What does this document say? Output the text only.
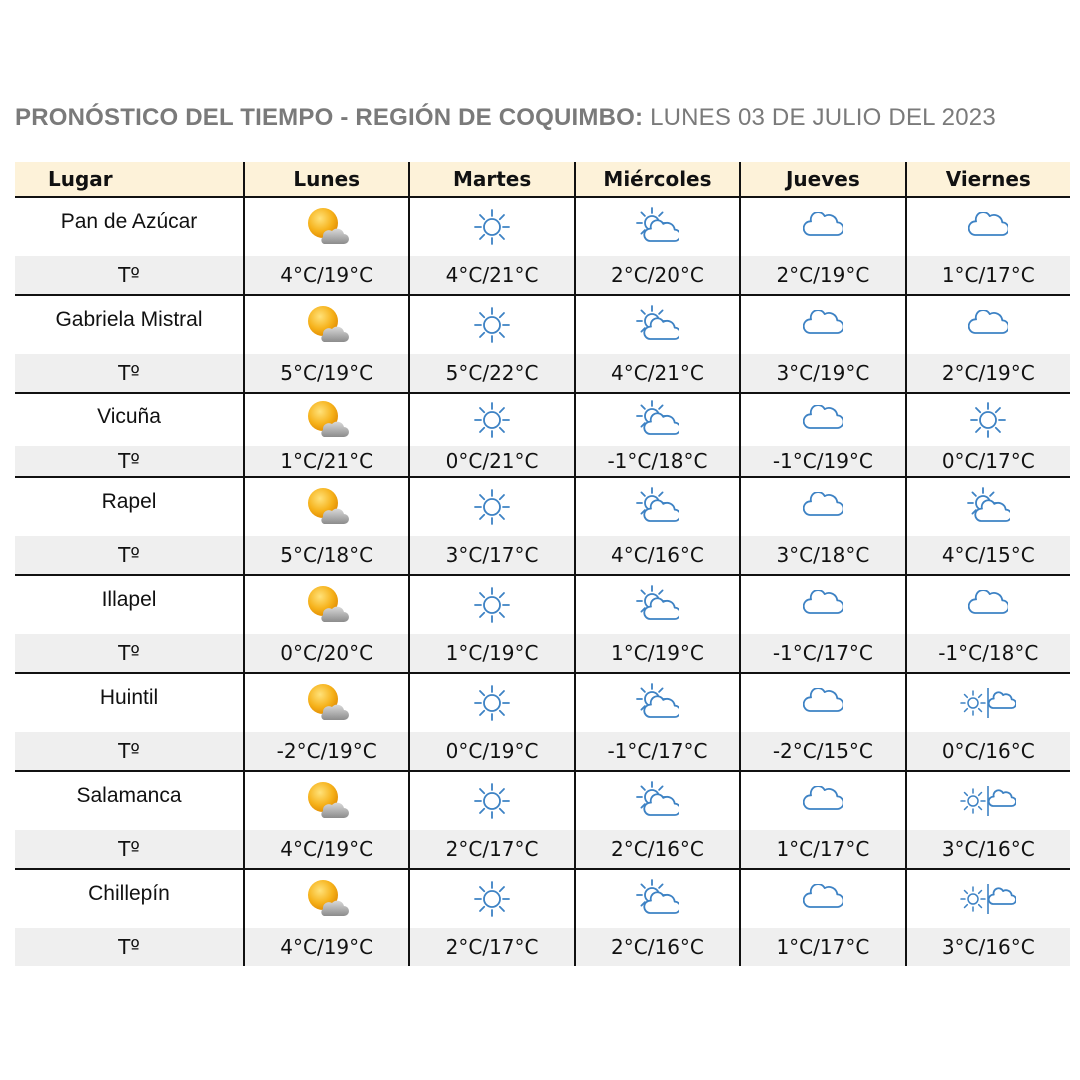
PRONÓSTICO DEL TIEMPO - REGIÓN DE COQUIMBO: LUNES 03 DE JULIO DEL 2023
Lugar	Lunes	Martes	Miércoles	Jueves	Viernes
Pan de Azúcar
Tº	4°C/19°C	4°C/21°C	2°C/20°C	2°C/19°C	1°C/17°C
Gabriela Mistral
Tº	5°C/19°C	5°C/22°C	4°C/21°C	3°C/19°C	2°C/19°C
Vicuña
Tº	1°C/21°C	0°C/21°C	-1°C/18°C	-1°C/19°C	0°C/17°C
Rapel
Tº	5°C/18°C	3°C/17°C	4°C/16°C	3°C/18°C	4°C/15°C
Illapel
Tº	0°C/20°C	1°C/19°C	1°C/19°C	-1°C/17°C	-1°C/18°C
Huintil
Tº	-2°C/19°C	0°C/19°C	-1°C/17°C	-2°C/15°C	0°C/16°C
Salamanca
Tº	4°C/19°C	2°C/17°C	2°C/16°C	1°C/17°C	3°C/16°C
Chillepín
Tº	4°C/19°C	2°C/17°C	2°C/16°C	1°C/17°C	3°C/16°C
